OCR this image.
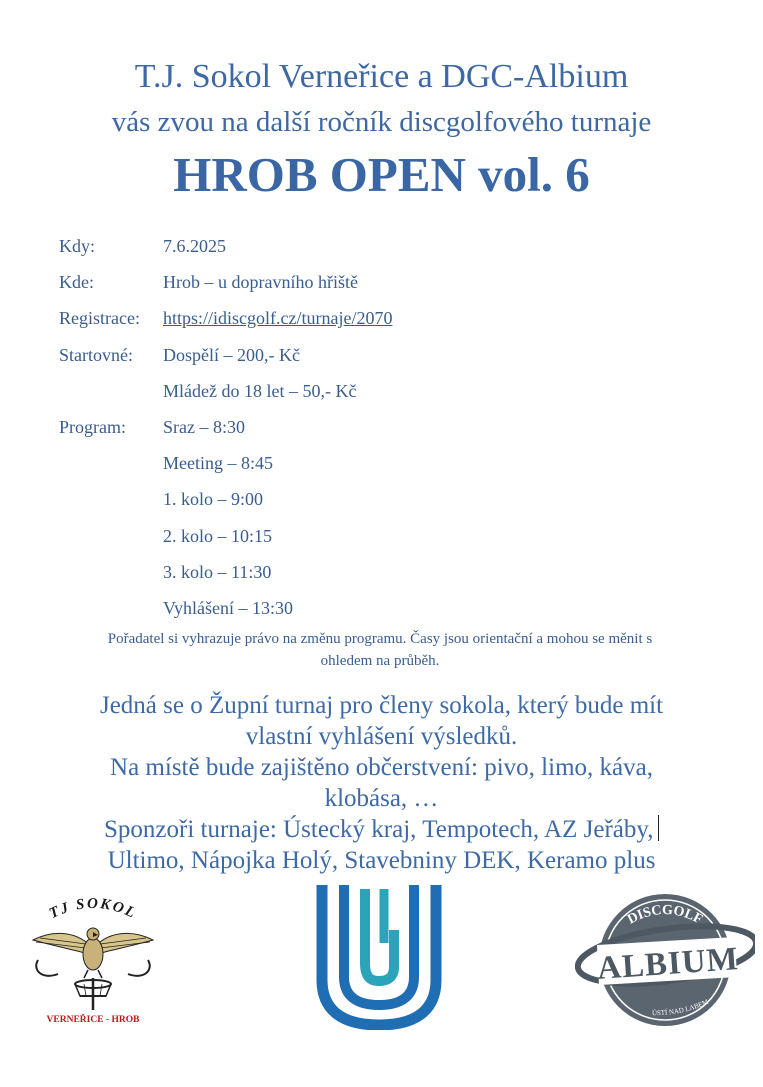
T.J. Sokol Verneřice a DGC-Albium
vás zvou na další ročník discgolfového turnaje
HROB OPEN vol. 6
Kdy:	7.6.2025
Kde:	Hrob – u dopravního hřiště
Registrace: https://idiscgolf.cz/turnaje/2070
Startovné: Dospělí – 200,- Kč
Mládež do 18 let – 50,- Kč
Program: Sraz – 8:30
Meeting – 8:45
1. kolo – 9:00
2. kolo – 10:15
3. kolo – 11:30
Vyhlášení – 13:30
Pořadatel si vyhrazuje právo na změnu programu. Časy jsou orientační a mohou se měnit s
ohledem na průběh.
Jedná se o Župní turnaj pro členy sokola, který bude mít
vlastní vyhlášení výsledků.
Na místě bude zajištěno občerstvení: pivo, limo, káva,
klobása, …
Sponzoři turnaje: Ústecký kraj, Tempotech, AZ Jeřáby,
Ultimo, Nápojka Holý, Stavebniny DEK, Keramo plus
TJ SOKOL
VERNEŘICE - HROB
ALBIUM
DISCGOLF
ÚSTÍ NAD LABEM
